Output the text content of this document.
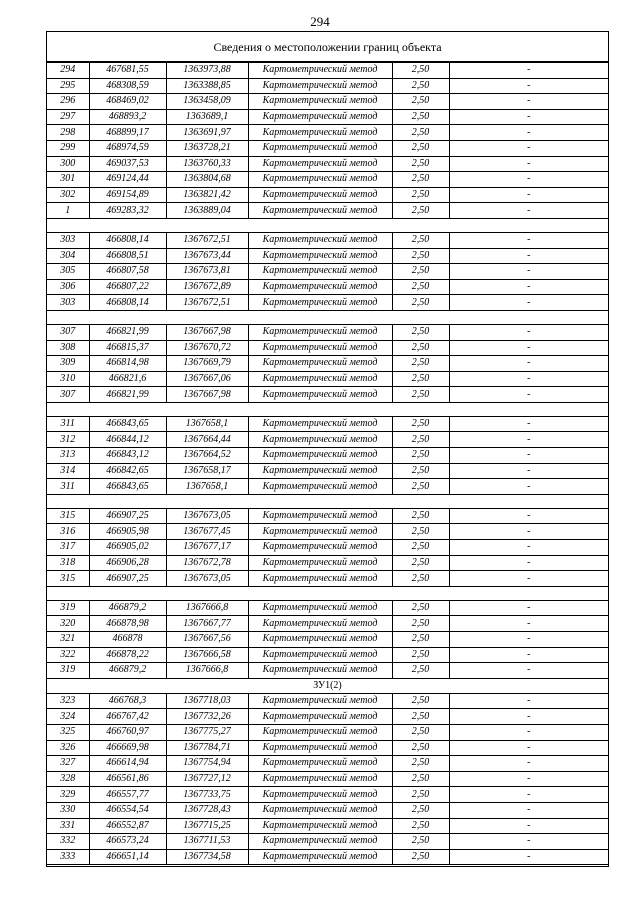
294
Сведения о местоположении границ объекта
294	467681,55	1363973,88	Картометрический метод	2,50	-
295	468308,59	1363388,85	Картометрический метод	2,50	-
296	468469,02	1363458,09	Картометрический метод	2,50	-
297	468893,2	1363689,1	Картометрический метод	2,50	-
298	468899,17	1363691,97	Картометрический метод	2,50	-
299	468974,59	1363728,21	Картометрический метод	2,50	-
300	469037,53	1363760,33	Картометрический метод	2,50	-
301	469124,44	1363804,68	Картометрический метод	2,50	-
302	469154,89	1363821,42	Картометрический метод	2,50	-
1	469283,32	1363889,04	Картометрический метод	2,50	-

303	466808,14	1367672,51	Картометрический метод	2,50	-
304	466808,51	1367673,44	Картометрический метод	2,50	-
305	466807,58	1367673,81	Картометрический метод	2,50	-
306	466807,22	1367672,89	Картометрический метод	2,50	-
303	466808,14	1367672,51	Картометрический метод	2,50	-

307	466821,99	1367667,98	Картометрический метод	2,50	-
308	466815,37	1367670,72	Картометрический метод	2,50	-
309	466814,98	1367669,79	Картометрический метод	2,50	-
310	466821,6	1367667,06	Картометрический метод	2,50	-
307	466821,99	1367667,98	Картометрический метод	2,50	-

311	466843,65	1367658,1	Картометрический метод	2,50	-
312	466844,12	1367664,44	Картометрический метод	2,50	-
313	466843,12	1367664,52	Картометрический метод	2,50	-
314	466842,65	1367658,17	Картометрический метод	2,50	-
311	466843,65	1367658,1	Картометрический метод	2,50	-

315	466907,25	1367673,05	Картометрический метод	2,50	-
316	466905,98	1367677,45	Картометрический метод	2,50	-
317	466905,02	1367677,17	Картометрический метод	2,50	-
318	466906,28	1367672,78	Картометрический метод	2,50	-
315	466907,25	1367673,05	Картометрический метод	2,50	-

319	466879,2	1367666,8	Картометрический метод	2,50	-
320	466878,98	1367667,77	Картометрический метод	2,50	-
321	466878	1367667,56	Картометрический метод	2,50	-
322	466878,22	1367666,58	Картометрический метод	2,50	-
319	466879,2	1367666,8	Картометрический метод	2,50	-
ЗУ1(2)					
323	466768,3	1367718,03	Картометрический метод	2,50	-
324	466767,42	1367732,26	Картометрический метод	2,50	-
325	466760,97	1367775,27	Картометрический метод	2,50	-
326	466669,98	1367784,71	Картометрический метод	2,50	-
327	466614,94	1367754,94	Картометрический метод	2,50	-
328	466561,86	1367727,12	Картометрический метод	2,50	-
329	466557,77	1367733,75	Картометрический метод	2,50	-
330	466554,54	1367728,43	Картометрический метод	2,50	-
331	466552,87	1367715,25	Картометрический метод	2,50	-
332	466573,24	1367711,53	Картометрический метод	2,50	-
333	466651,14	1367734,58	Картометрический метод	2,50	-
